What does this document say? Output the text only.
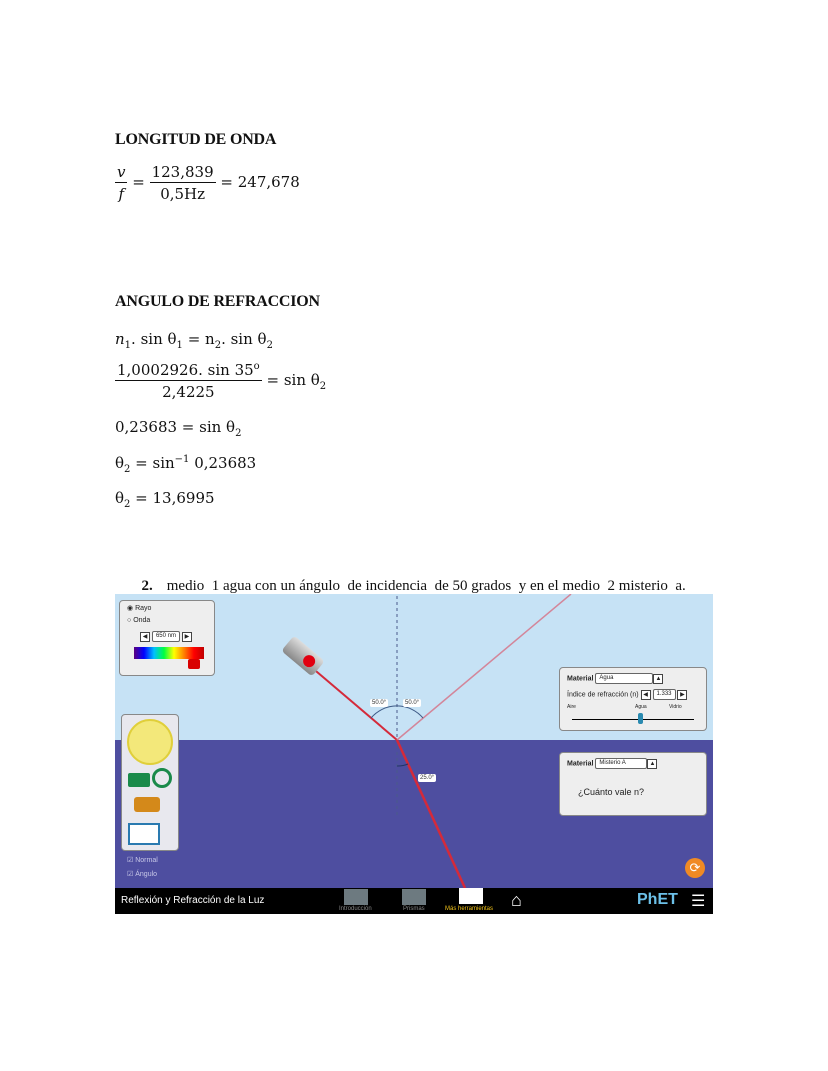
LONGITUD DE ONDA
$\frac{v}{f} = \frac{123,839}{0,5Hz} = 247,678$
ANGULO DE REFRACCION
$n_1$. $\sin \theta_1 = n_2$. $\sin \theta_2$
$\frac{1,0002926. \sin 35^o}{2,4225} = \sin \theta_2$
$0,23683 = \sin \theta_2$
$\theta_2 = \sin^{-1} 0,23683$
$\theta_2 = 13,6995$

2. medio  1 agua con un ángulo  de incidencia  de 50 grados  y en el medio  2 misterio  a.

50.0°	50.0°
25.0°
◉ Rayo
○ Onda
◀ 650 nm ▶
Material Agua	▲
Índice de refracción (n) ◀ 1.333 ▶
Aire	Agua	Vidrio
Material Misterio A	▲
¿Cuánto vale n?
☑ Normal
☑ Ángulo	⟳
Reflexión y Refracción de la Luz
Introducción	Prismas	Más herramientas ⌂	PhET ☰
